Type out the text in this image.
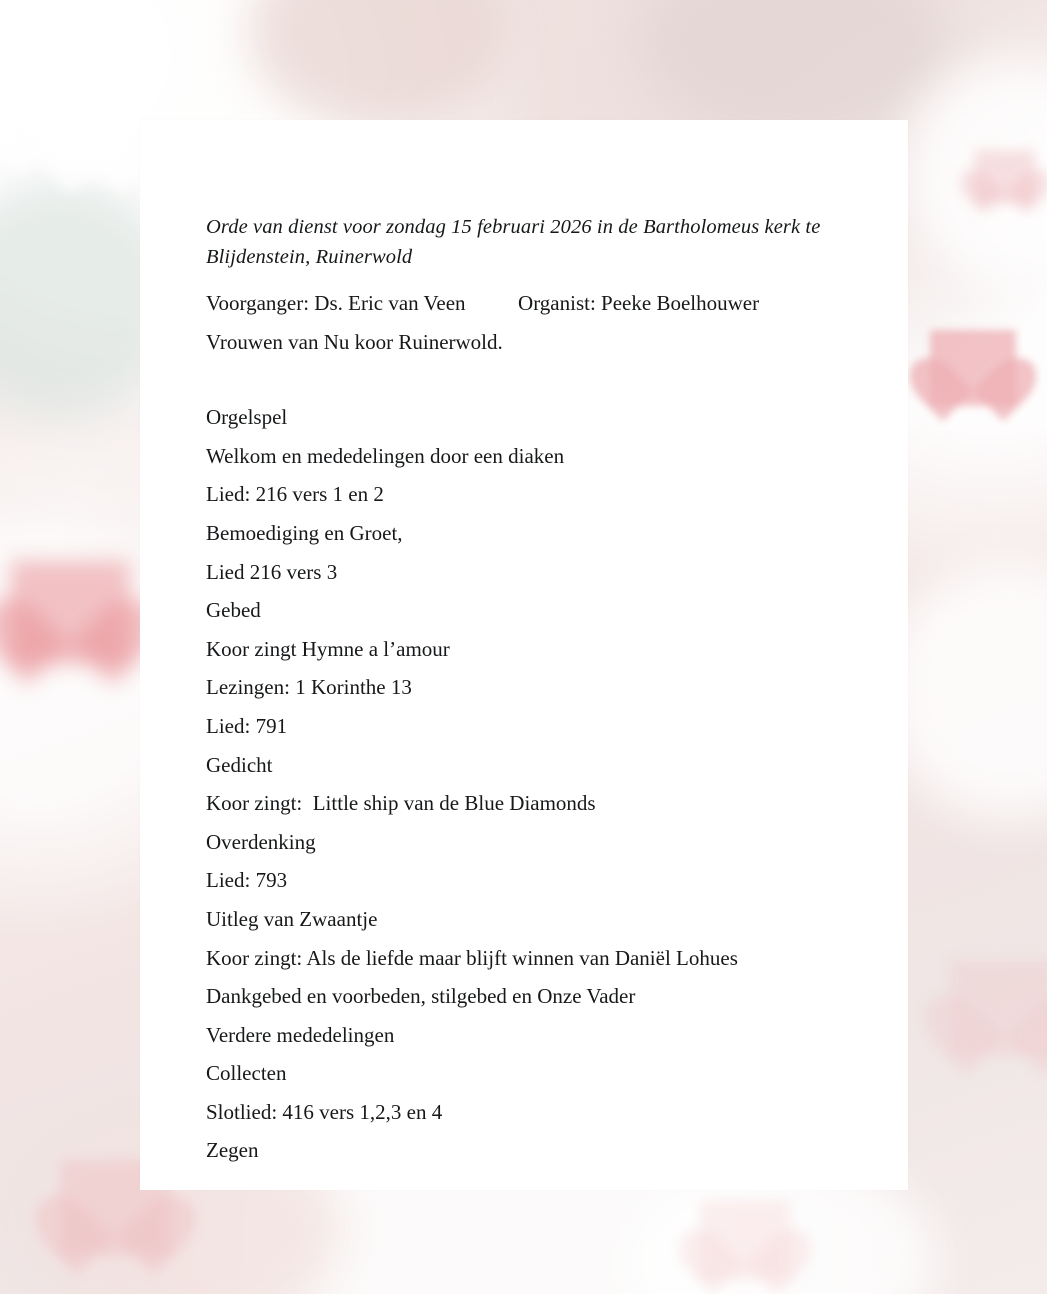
Orde van dienst voor zondag 15 februari 2026 in de Bartholomeus kerk te Blijdenstein, Ruinerwold

Voorganger: Ds. Eric van Veen          Organist: Peeke Boelhouwer
Vrouwen van Nu koor Ruinerwold.
Orgelspel
Welkom en mededelingen door een diaken
Lied: 216 vers 1 en 2
Bemoediging en Groet,
Lied 216 vers 3
Gebed
Koor zingt Hymne a l’amour
Lezingen: 1 Korinthe 13
Lied: 791
Gedicht
Koor zingt:  Little ship van de Blue Diamonds
Overdenking
Lied: 793
Uitleg van Zwaantje
Koor zingt: Als de liefde maar blijft winnen van Daniël Lohues
Dankgebed en voorbeden, stilgebed en Onze Vader
Verdere mededelingen
Collecten
Slotlied: 416 vers 1,2,3 en 4
Zegen
